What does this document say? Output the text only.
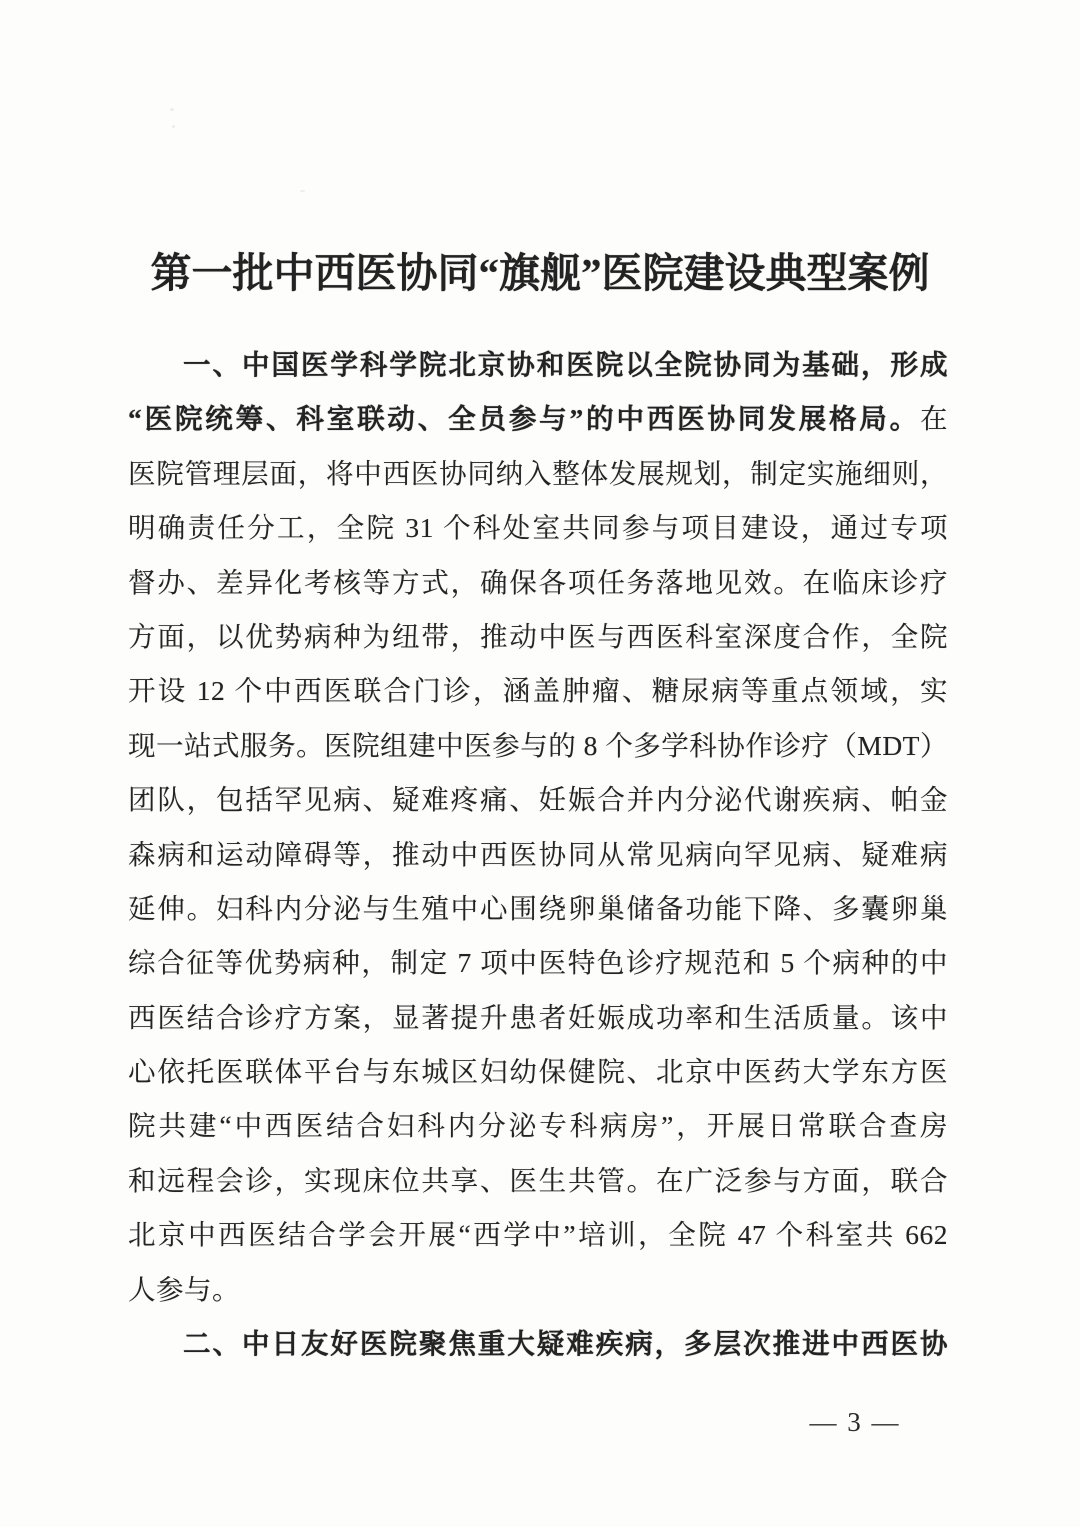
第一批中西医协同“旗舰”医院建设典型案例
一、中国医学科学院北京协和医院以全院协同为基础，形成
“医院统筹、科室联动、全员参与”的中西医协同发展格局。在
医院管理层面，将中西医协同纳入整体发展规划，制定实施细则，
明确责任分工，全院 31 个科处室共同参与项目建设，通过专项
督办、差异化考核等方式，确保各项任务落地见效。在临床诊疗
方面，以优势病种为纽带，推动中医与西医科室深度合作，全院
开设 12 个中西医联合门诊，涵盖肿瘤、糖尿病等重点领域，实
现一站式服务。医院组建中医参与的 8 个多学科协作诊疗（MDT）
团队，包括罕见病、疑难疼痛、妊娠合并内分泌代谢疾病、帕金
森病和运动障碍等，推动中西医协同从常见病向罕见病、疑难病
延伸。妇科内分泌与生殖中心围绕卵巢储备功能下降、多囊卵巢
综合征等优势病种，制定 7 项中医特色诊疗规范和 5 个病种的中
西医结合诊疗方案，显著提升患者妊娠成功率和生活质量。该中
心依托医联体平台与东城区妇幼保健院、北京中医药大学东方医
院共建“中西医结合妇科内分泌专科病房”，开展日常联合查房
和远程会诊，实现床位共享、医生共管。在广泛参与方面，联合
北京中西医结合学会开展“西学中”培训，全院 47 个科室共 662
人参与。
二、中日友好医院聚焦重大疑难疾病，多层次推进中西医协
— 3 —
